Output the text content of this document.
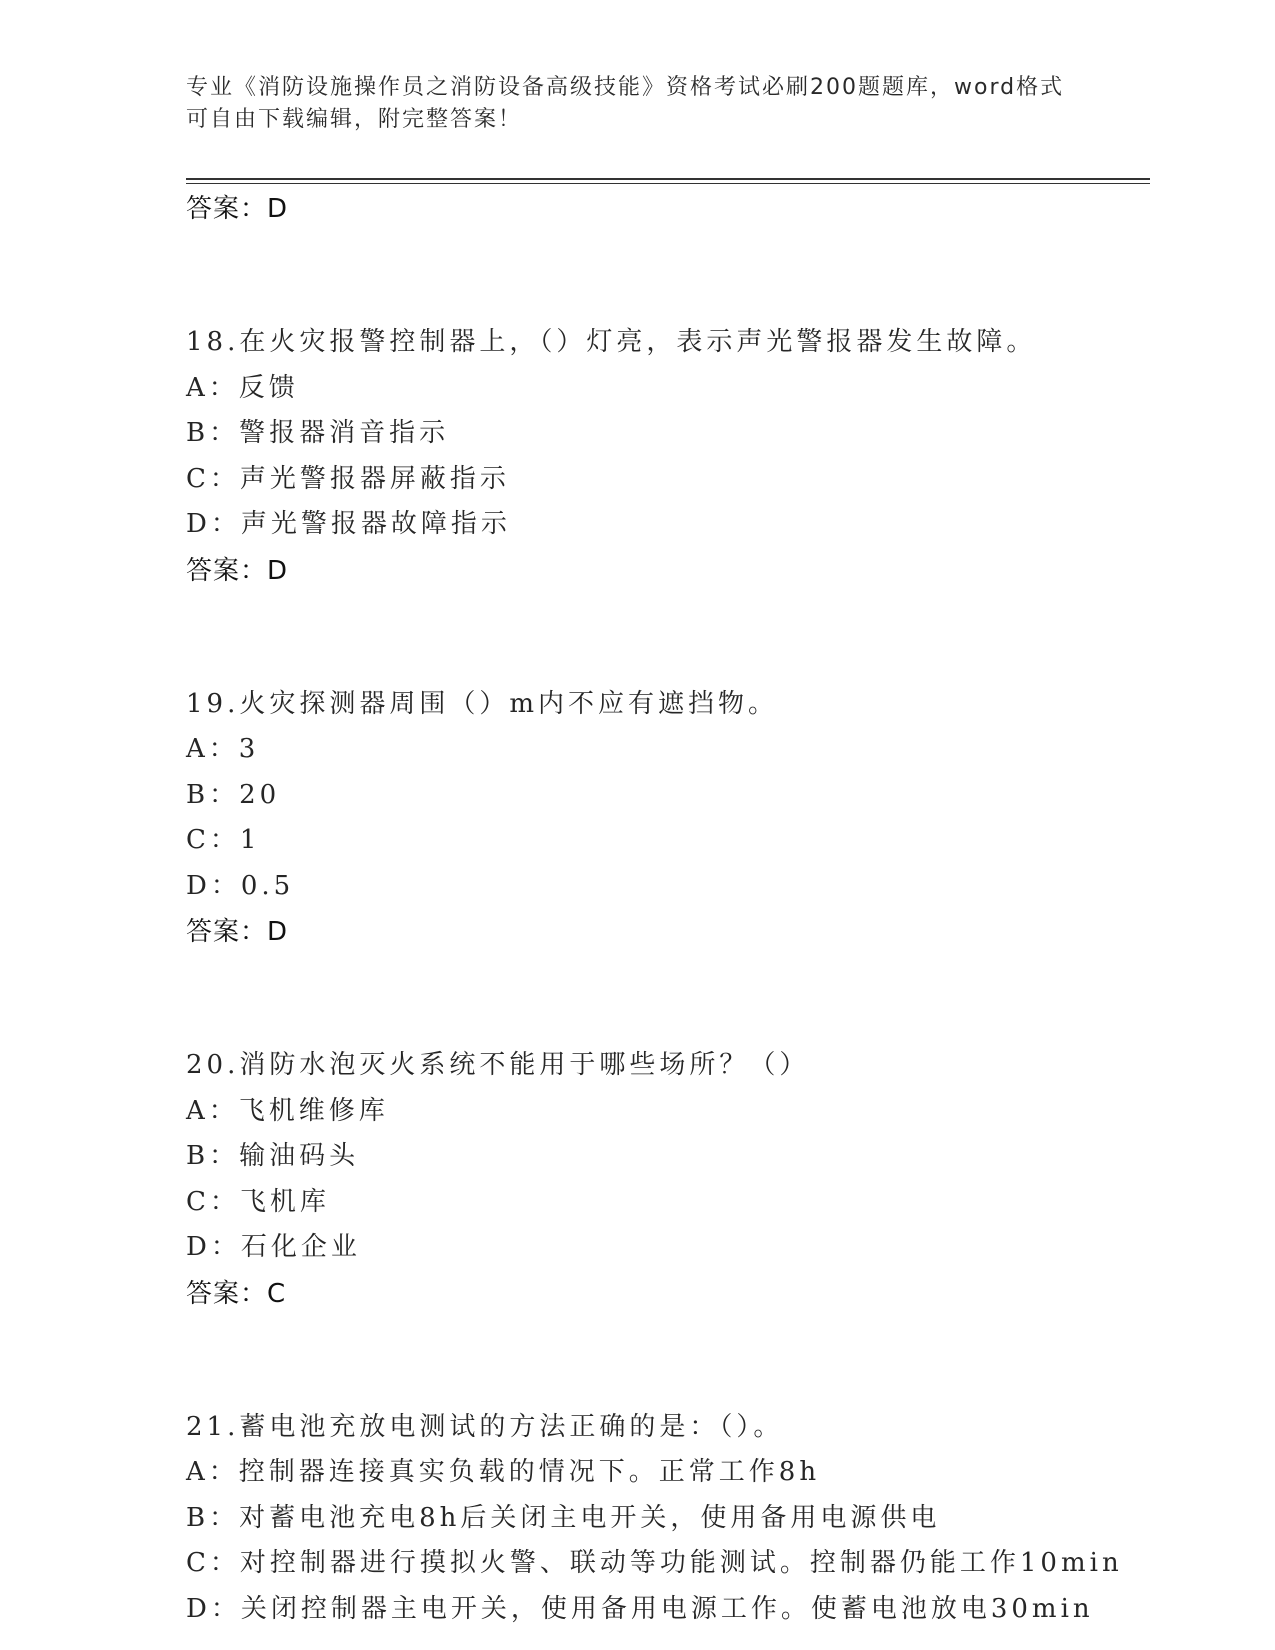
专业《消防设施操作员之消防设备高级技能》资格考试必刷200题题库，word格式可自由下载编辑，附完整答案！
答案：D
18.在火灾报警控制器上，（）灯亮，表示声光警报器发生故障。
A：反馈
B：警报器消音指示
C：声光警报器屏蔽指示
D：声光警报器故障指示
答案：D
19.火灾探测器周围（）m内不应有遮挡物。
A：3
B：20
C：1
D：0.5
答案：D
20.消防水泡灭火系统不能用于哪些场所？（）
A：飞机维修库
B：输油码头
C：飞机库
D：石化企业
答案：C
21.蓄电池充放电测试的方法正确的是：（）。
A：控制器连接真实负载的情况下。正常工作8h
B：对蓄电池充电8h后关闭主电开关，使用备用电源供电
C：对控制器进行摸拟火警、联动等功能测试。控制器仍能工作10min
D：关闭控制器主电开关，使用备用电源工作。使蓄电池放电30min
